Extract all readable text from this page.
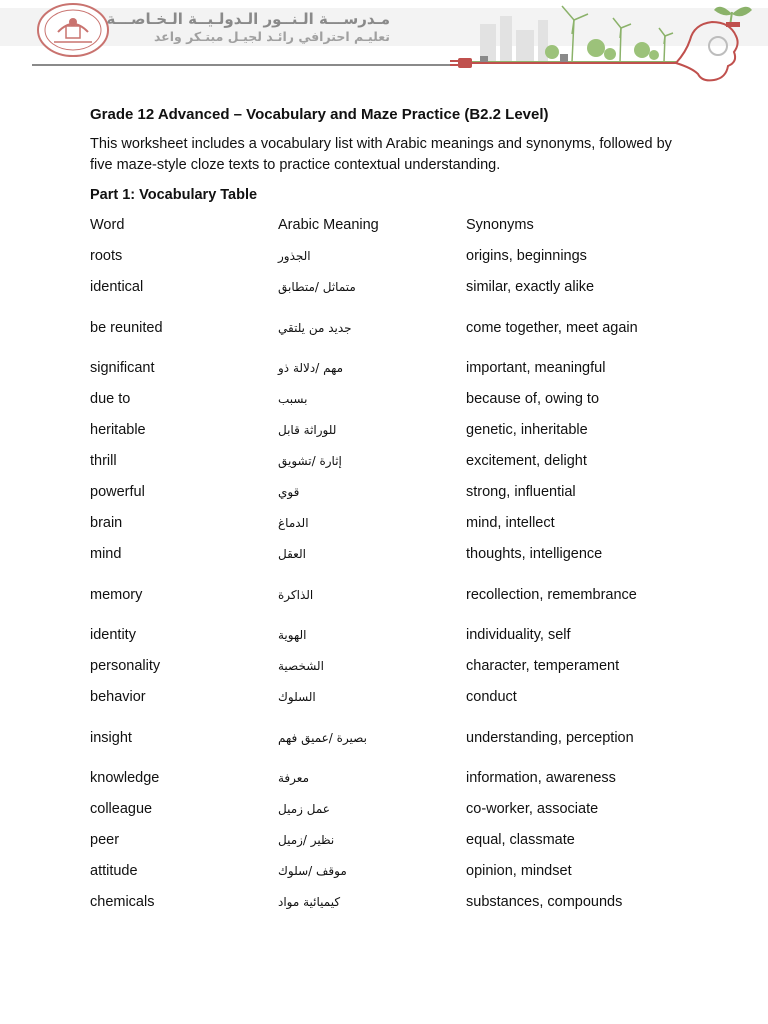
مـدرســـة الـنــور الـدولـيــة الـخـاصـــة
تعليـم احترافي رائـد لجيـل مبتـكر واعد
Grade 12 Advanced – Vocabulary and Maze Practice (B2.2 Level)
This worksheet includes a vocabulary list with Arabic meanings and synonyms, followed by five maze-style cloze texts to practice contextual understanding.
Part 1: Vocabulary Table
Word	Arabic Meaning	Synonyms
roots	الجذور	origins, beginnings
identical	متماثل /متطابق	similar, exactly alike
be reunited	جديد من يلتقي	come together, meet again
significant	مهم /دلالة ذو	important, meaningful
due to	بسبب	because of, owing to
heritable	للوراثة قابل	genetic, inheritable
thrill	إثارة /تشويق	excitement, delight
powerful	قوي	strong, influential
brain	الدماغ	mind, intellect
mind	العقل	thoughts, intelligence
memory	الذاكرة	recollection, remembrance
identity	الهوية	individuality, self
personality	الشخصية	character, temperament
behavior	السلوك	conduct
insight	بصيرة /عميق فهم	understanding, perception
knowledge	معرفة	information, awareness
colleague	عمل زميل	co-worker, associate
peer	نظير /زميل	equal, classmate
attitude	موقف /سلوك	opinion, mindset
chemicals	كيميائية مواد	substances, compounds
